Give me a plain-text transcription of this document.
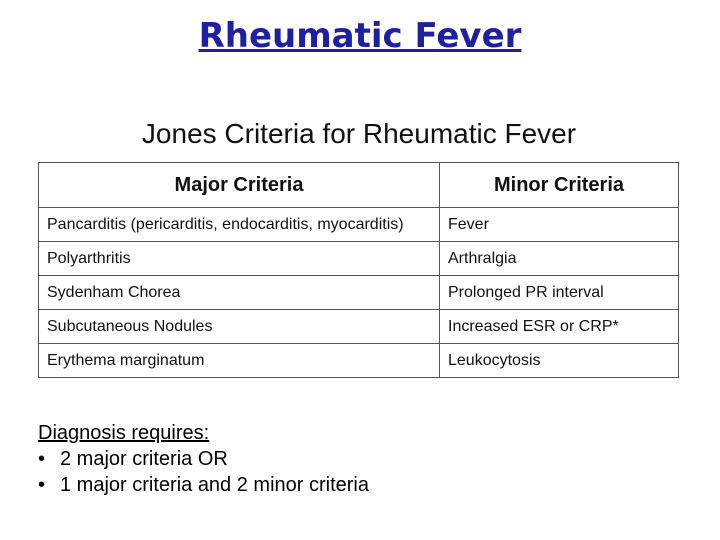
Rheumatic Fever
Jones Criteria for Rheumatic Fever
Major Criteria	Minor Criteria
Pancarditis (pericarditis, endocarditis, myocarditis)	Fever
Polyarthritis	Arthralgia
Sydenham Chorea	Prolonged PR interval
Subcutaneous Nodules	Increased ESR or CRP*
Erythema marginatum	Leukocytosis
Diagnosis requires:
• 2 major criteria OR
• 1 major criteria and 2 minor criteria
